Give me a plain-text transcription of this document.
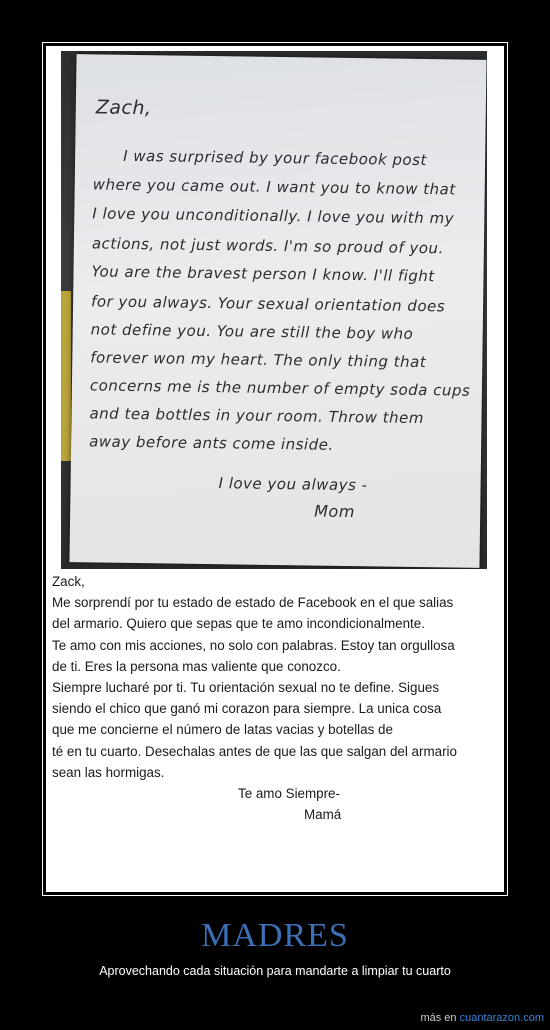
Zach,
I was surprised by your facebook post
where you came out. I want you to know that
I love you unconditionally. I love you with my
actions, not just words. I'm so proud of you.
You are the bravest person I know. I'll fight
for you always. Your sexual orientation does
not define you. You are still the boy who
forever won my heart. The only thing that
concerns me is the number of empty soda cups
and tea bottles in your room. Throw them
away before ants come inside.
I love you always -
Mom
Zack,
Me sorprendí por tu estado de estado de Facebook en el que salias
del armario. Quiero que sepas que te amo incondicionalmente.
Te amo con mis acciones, no solo con palabras. Estoy tan orgullosa
de ti. Eres la persona mas valiente que conozco.
Siempre lucharé por ti. Tu orientación sexual no te define. Sigues
siendo el chico que ganó mi corazon para siempre. La unica cosa
que me concierne el número de latas vacias y botellas de
té en tu cuarto. Desechalas antes de que las que salgan del armario
sean las hormigas.
Te amo Siempre-
Mamá
MADRES
Aprovechando cada situación para mandarte a limpiar tu cuarto
más en cuantarazon.com
